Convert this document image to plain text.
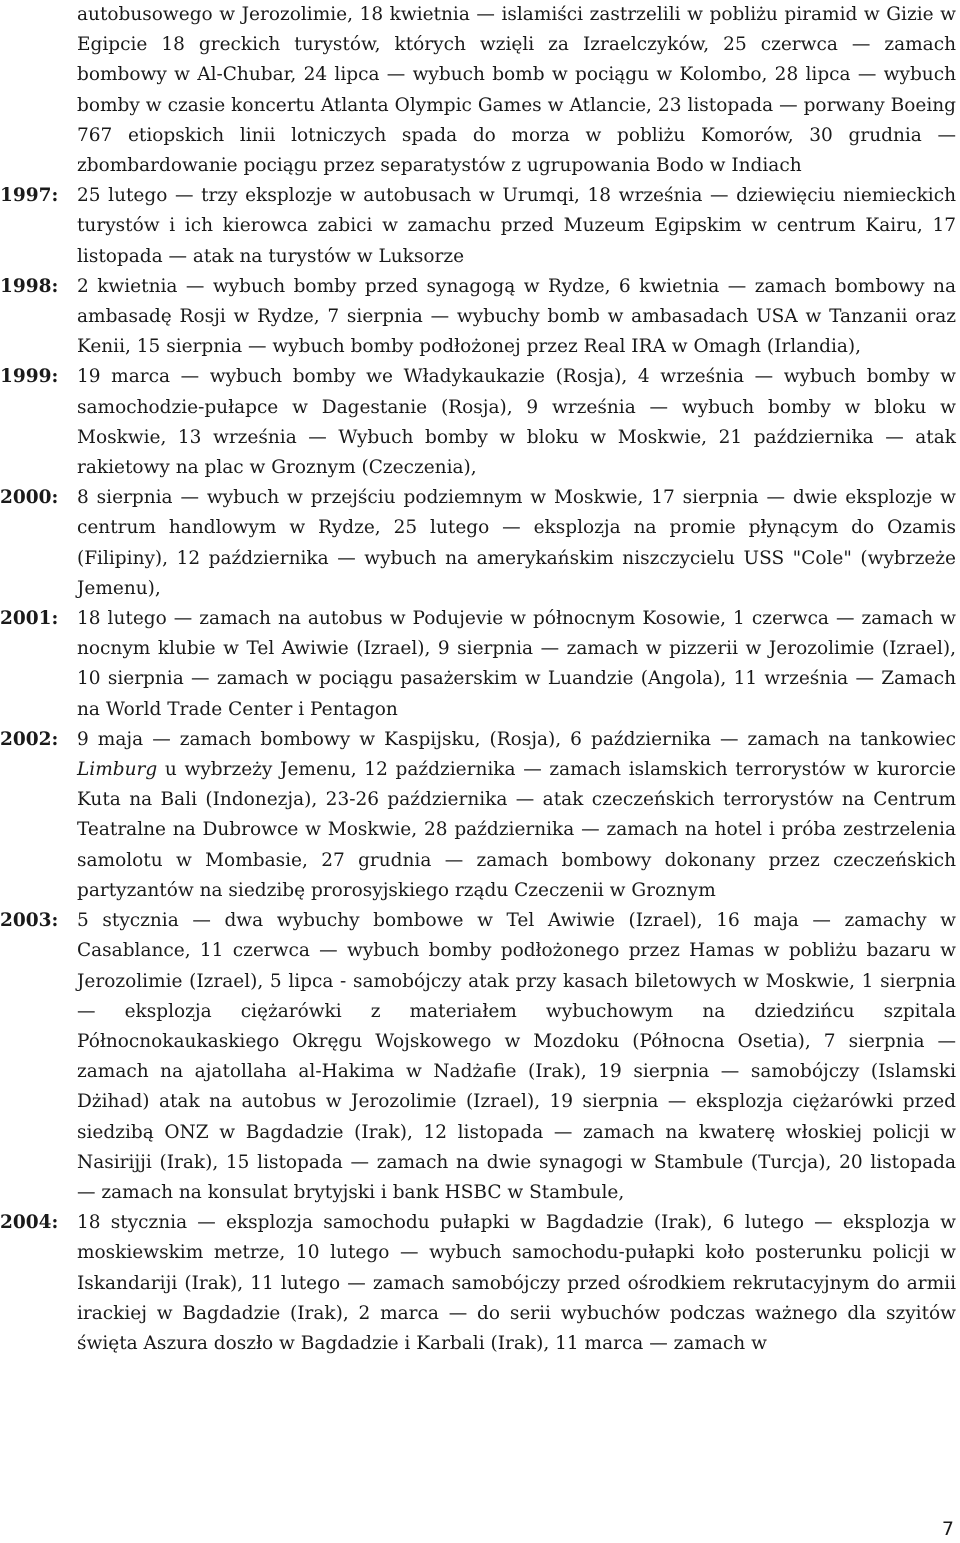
autobusowego w Jerozolimie, 18 kwietnia — islamiści zastrzelili w pobliżu piramid w Gizie w Egipcie 18 greckich turystów, których wzięli za Izraelczyków, 25 czerwca — zamach bombowy w Al-Chubar, 24 lipca — wybuch bomb w pociągu w Kolombo, 28 lipca — wybuch bomby w czasie koncertu Atlanta Olympic Games w Atlancie, 23 listopada — porwany Boeing 767 etiopskich linii lotniczych spada do morza w pobliżu Komorów, 30 grudnia — zbombardowanie pociągu przez separatystów z ugrupowania Bodo w Indiach
1997: 25 lutego — trzy eksplozje w autobusach w Urumqi, 18 września — dziewięciu niemieckich turystów i ich kierowca zabici w zamachu przed Muzeum Egipskim w centrum Kairu, 17 listopada — atak na turystów w Luksorze
1998: 2 kwietnia — wybuch bomby przed synagogą w Rydze, 6 kwietnia — zamach bombowy na ambasadę Rosji w Rydze, 7 sierpnia — wybuchy bomb w ambasadach USA w Tanzanii oraz Kenii, 15 sierpnia — wybuch bomby podłożonej przez Real IRA w Omagh (Irlandia),
1999: 19 marca — wybuch bomby we Władykaukazie (Rosja), 4 września — wybuch bomby w samochodzie-pułapce w Dagestanie (Rosja), 9 września — wybuch bomby w bloku w Moskwie, 13 września — Wybuch bomby w bloku w Moskwie, 21 października — atak rakietowy na plac w Groznym (Czeczenia),
2000: 8 sierpnia — wybuch w przejściu podziemnym w Moskwie, 17 sierpnia — dwie eksplozje w centrum handlowym w Rydze, 25 lutego — eksplozja na promie płynącym do Ozamis (Filipiny), 12 października — wybuch na amerykańskim niszczycielu USS "Cole" (wybrzeże Jemenu),
2001: 18 lutego — zamach na autobus w Podujevie w północnym Kosowie, 1 czerwca — zamach w nocnym klubie w Tel Awiwie (Izrael), 9 sierpnia — zamach w pizzerii w Jerozolimie (Izrael), 10 sierpnia — zamach w pociągu pasażerskim w Luandzie (Angola), 11 września — Zamach na World Trade Center i Pentagon
2002: 9 maja — zamach bombowy w Kaspijsku, (Rosja), 6 października — zamach na tankowiec Limburg u wybrzeży Jemenu, 12 października — zamach islamskich terrorystów w kurorcie Kuta na Bali (Indonezja), 23-26 października — atak czeczeńskich terrorystów na Centrum Teatralne na Dubrowce w Moskwie, 28 października — zamach na hotel i próba zestrzelenia samolotu w Mombasie, 27 grudnia — zamach bombowy dokonany przez czeczeńskich partyzantów na siedzibę prorosyjskiego rządu Czeczenii w Groznym
2003: 5 stycznia — dwa wybuchy bombowe w Tel Awiwie (Izrael), 16 maja — zamachy w Casablance, 11 czerwca — wybuch bomby podłożonego przez Hamas w pobliżu bazaru w Jerozolimie (Izrael), 5 lipca - samobójczy atak przy kasach biletowych w Moskwie, 1 sierpnia — eksplozja ciężarówki z materiałem wybuchowym na dziedzińcu szpitala Północnokaukaskiego Okręgu Wojskowego w Mozdoku (Północna Osetia), 7 sierpnia — zamach na ajatollaha al-Hakima w Nadżafie (Irak), 19 sierpnia — samobójczy (Islamski Dżihad) atak na autobus w Jerozolimie (Izrael), 19 sierpnia — eksplozja ciężarówki przed siedzibą ONZ w Bagdadzie (Irak), 12 listopada — zamach na kwaterę włoskiej policji w Nasirijji (Irak), 15 listopada — zamach na dwie synagogi w Stambule (Turcja), 20 listopada — zamach na konsulat brytyjski i bank HSBC w Stambule,
2004: 18 stycznia — eksplozja samochodu pułapki w Bagdadzie (Irak), 6 lutego — eksplozja w moskiewskim metrze, 10 lutego — wybuch samochodu-pułapki koło posterunku policji w Iskandariji (Irak), 11 lutego — zamach samobójczy przed ośrodkiem rekrutacyjnym do armii irackiej w Bagdadzie (Irak), 2 marca — do serii wybuchów podczas ważnego dla szyitów święta Aszura doszło w Bagdadzie i Karbali (Irak), 11 marca — zamach w
7
